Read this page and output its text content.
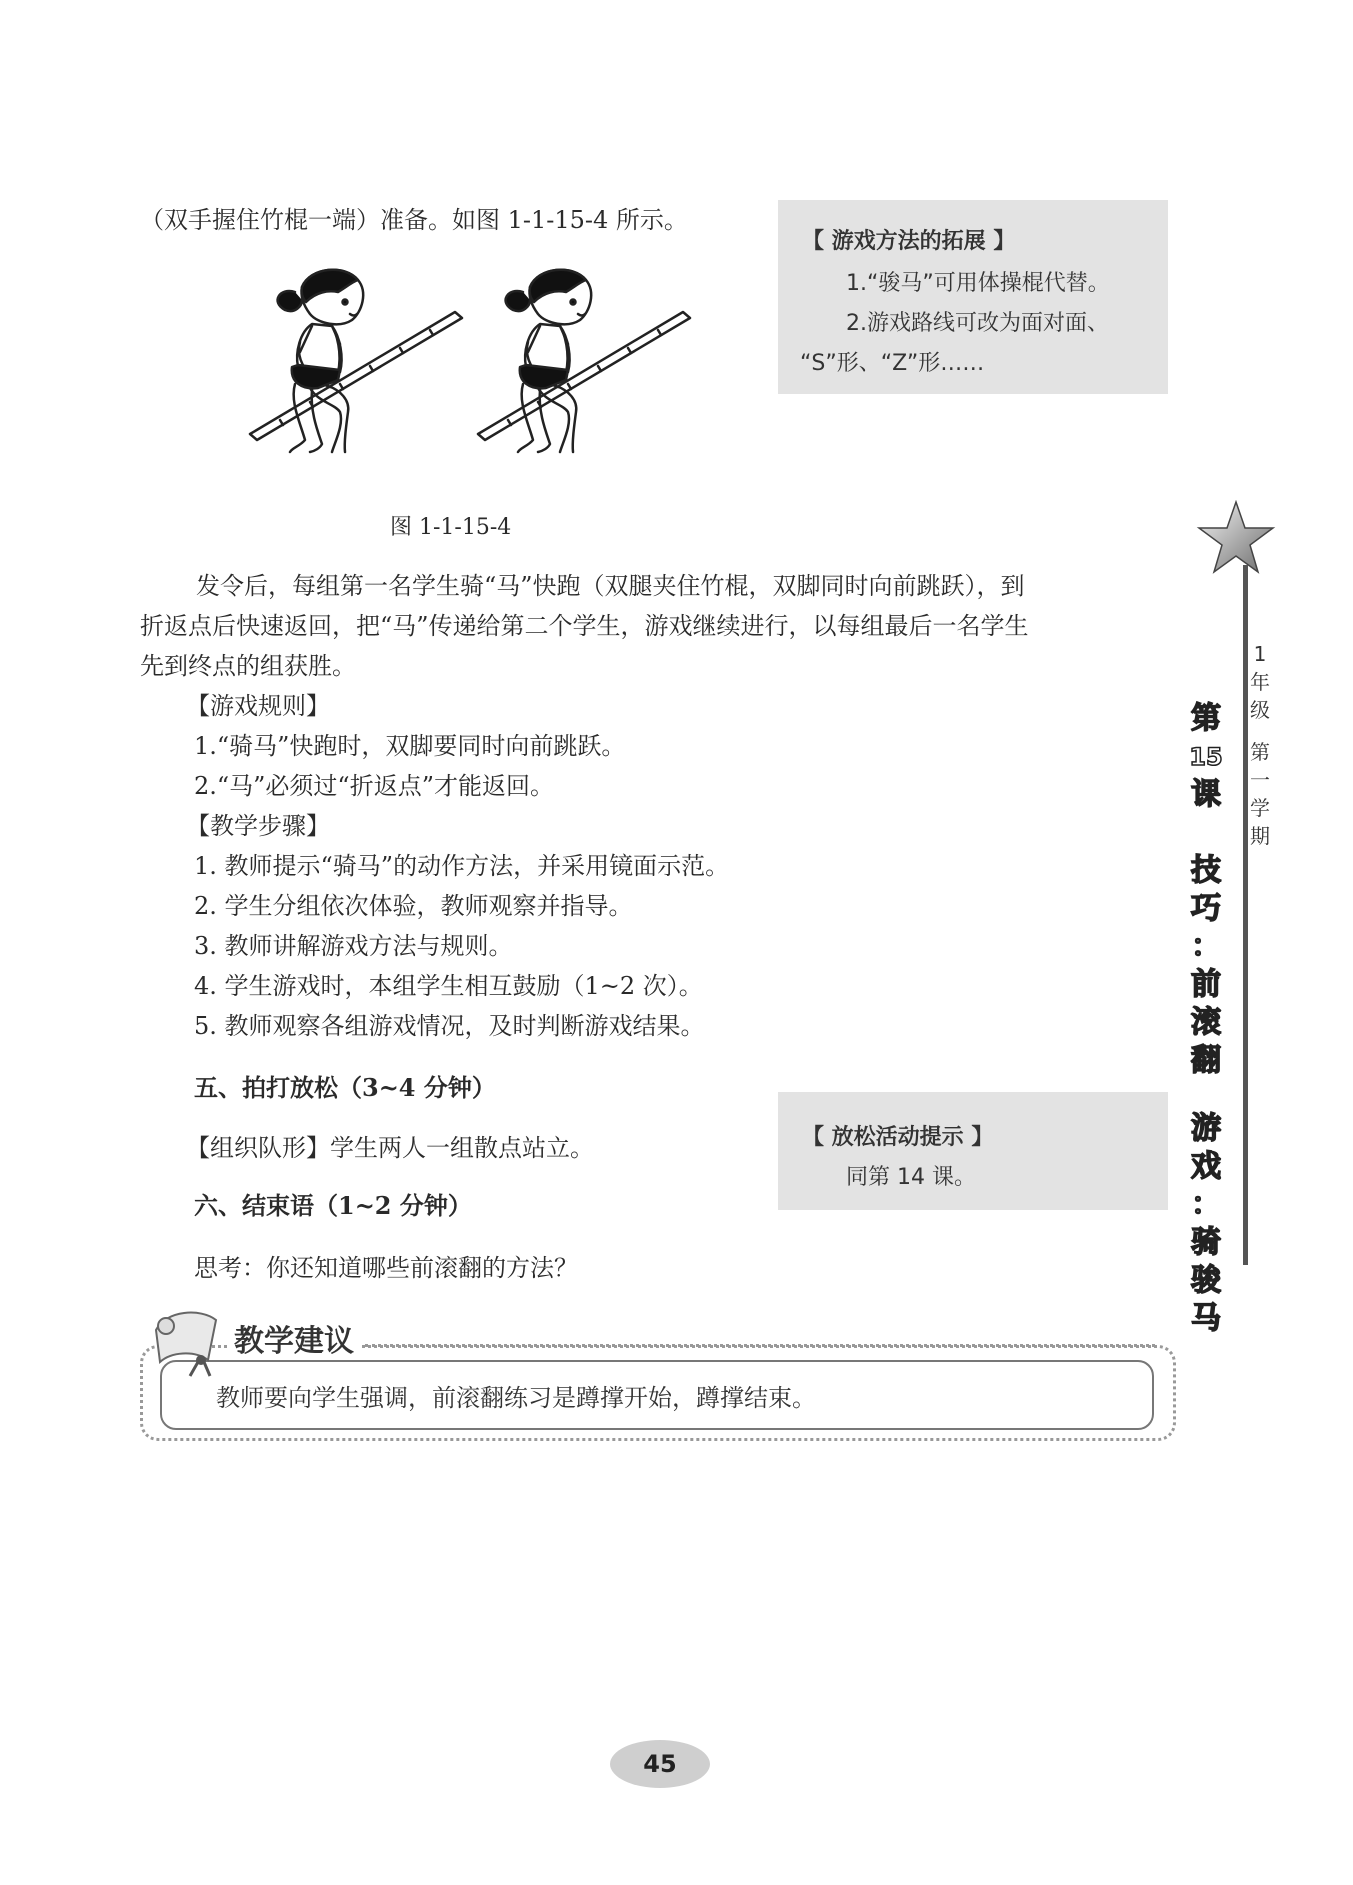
（双手握住竹棍一端）准备。如图 1-1-15-4 所示。
图 1-1-15-4
【 游戏方法的拓展 】
1.“骏马”可用体操棍代替。
2.游戏路线可改为面对面、
“S”形、“Z”形……
发令后，每组第一名学生骑“马”快跑（双腿夹住竹棍，双脚同时向前跳跃），到
折返点后快速返回，把“马”传递给第二个学生，游戏继续进行，以每组最后一名学生
先到终点的组获胜。
【游戏规则】
1.“骑马”快跑时，双脚要同时向前跳跃。
2.“马”必须过“折返点”才能返回。
【教学步骤】
1. 教师提示“骑马”的动作方法，并采用镜面示范。
2. 学生分组依次体验，教师观察并指导。
3. 教师讲解游戏方法与规则。
4. 学生游戏时，本组学生相互鼓励（1~2 次）。
5. 教师观察各组游戏情况，及时判断游戏结果。
五、拍打放松（3~4 分钟）
【组织队形】学生两人一组散点站立。
六、结束语（1~2 分钟）
思考：你还知道哪些前滚翻的方法？
【 放松活动提示 】
同第 14 课。
教学建议
教师要向学生强调，前滚翻练习是蹲撑开始，蹲撑结束。
1
年
级
第
一
学
期
第
15
课
技
巧
：
前
滚
翻
游
戏
：
骑
骏
马
45
